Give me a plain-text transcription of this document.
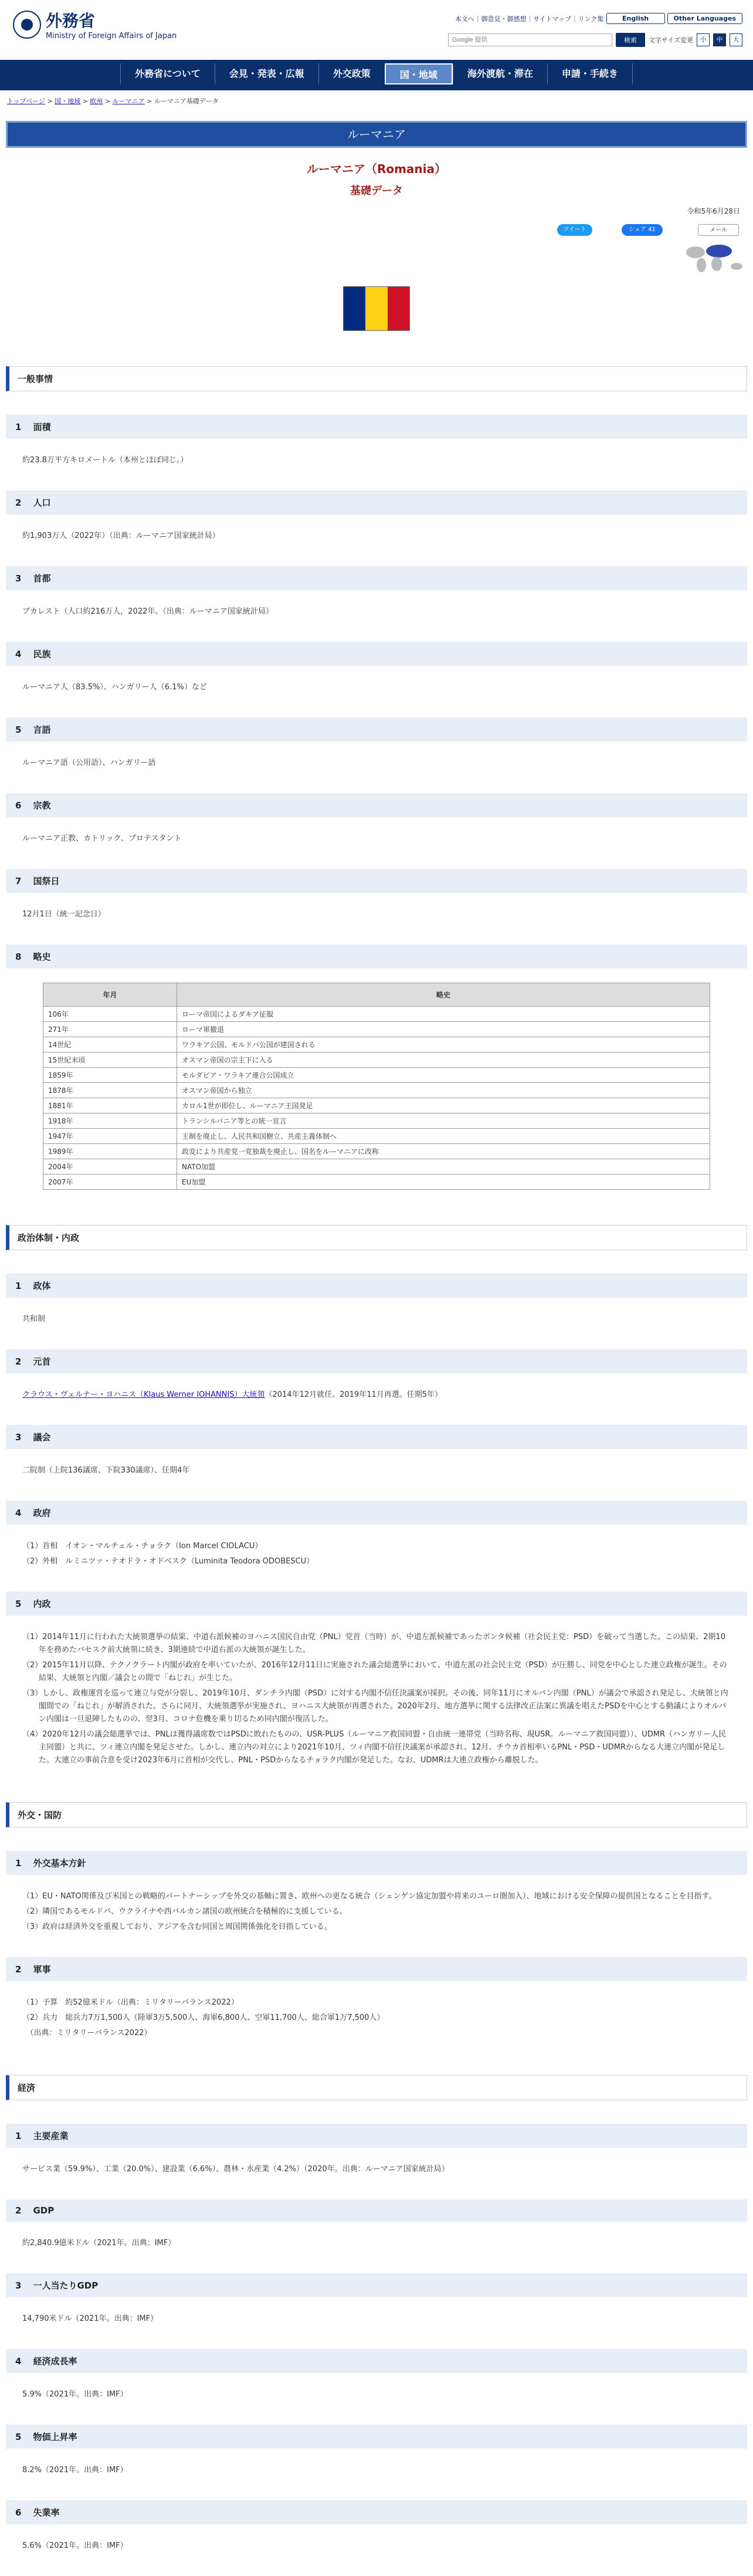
外務省
Ministry of Foreign Affairs of Japan
本文へ | 御意見・御感想 | サイトマップ | リンク集	English	Other Languages
Google 提供
検索	文字サイズ変更	小	中	大
外務省について	会見・発表・広報	外交政策	国・地域	海外渡航・滞在	申請・手続き
トップページ > 国・地域 > 欧州 > ルーマニア > ルーマニア基礎データ
ルーマニア
ルーマニア（Romania）
基礎データ
令和5年6月28日
ツイート	シェア 41	メール
一般事情
1 面積
約23.8万平方キロメートル（本州とほぼ同じ。）
2 人口
約1,903万人（2022年）（出典：ルーマニア国家統計局）
3 首都
ブカレスト（人口約216万人，2022年。（出典：ルーマニア国家統計局）
4 民族
ルーマニア人（83.5%）、ハンガリー人（6.1%）など
5 言語
ルーマニア語（公用語）、ハンガリー語
6 宗教
ルーマニア正教、カトリック、プロテスタント
7 国祭日
12月1日（統一記念日）
8 略史
年月	略史
106年	ローマ帝国によるダキア征服
271年	ローマ軍撤退
14世紀	ワラキア公国、モルドバ公国が建国される
15世紀末頃	オスマン帝国の宗主下に入る
1859年	モルダビア・ワラキア連合公国成立
1878年	オスマン帝国から独立
1881年	カロル1世が即位し、ルーマニア王国発足
1918年	トランシルバニア等との統一宣言
1947年	王制を廃止し、人民共和国樹立、共産主義体制へ
1989年	政変により共産党一党独裁を廃止し、国名をルーマニアに改称
2004年	NATO加盟
2007年	EU加盟
政治体制・内政
1 政体
共和制
2 元首
クラウス・ヴェルナー・ヨハニス（Klaus Werner IOHANNIS）大統領（2014年12月就任。2019年11月再選。任期5年）
3 議会
二院制（上院136議席、下院330議席）、任期4年
4 政府
（1）首相　イオン・マルチェル・チョラク（Ion Marcel CIOLACU）
（2）外相　ルミニツァ・テオドラ・オドベスク（Luminita Teodora ODOBESCU）
5 内政
（1）2014年11月に行われた大統領選挙の結果、中道右派候補のヨハニス国民自由党（PNL）党首（当時）が、中道左派候補であったポンタ候補（社会民主党：PSD）を破って当選した。この結果、2期10年を務めたバセスク前大統領に続き、3期連続で中道右派の大統領が誕生した。
（2）2015年11月以降、テクノクラート内閣が政府を率いていたが、2016年12月11日に実施された議会総選挙において、中道左派の社会民主党（PSD）が圧勝し、同党を中心とした連立政権が誕生。その結果、大統領と内閣／議会との間で「ねじれ」が生じた。
（3）しかし、政権運営を巡って連立与党が分裂し、2019年10月、ダンチラ内閣（PSD）に対する内閣不信任決議案が採択。その後、同年11月にオルバン内閣（PNL）が議会で承認され発足し、大統領と内閣間での「ねじれ」が解消された。さらに同月、大統領選挙が実施され、ヨハニス大統領が再選された。2020年2月、地方選挙に関する法律改正法案に異議を唱えたPSDを中心とする動議によりオルバン内閣は一旦退陣したものの、翌3月、コロナ危機を乗り切るため同内閣が復活した。
（4）2020年12月の議会総選挙では、PNLは獲得議席数ではPSDに敗れたものの、USR-PLUS（ルーマニア救国同盟・自由統一連帯党（当時名称、現USR。ルーマニア救国同盟））、UDMR（ハンガリー人民主同盟）と共に、ツィ連立内閣を発足させた。しかし、連立内の対立により2021年10月、ツィ内閣不信任決議案が承認され、12月、チウカ首相率いるPNL・PSD・UDMRからなる大連立内閣が発足した。大連立の事前合意を受け2023年6月に首相が交代し、PNL・PSDからなるチョラク内閣が発足した。なお、UDMRは大連立政権から離脱した。
外交・国防
1 外交基本方針
（1）EU・NATO関係及び米国との戦略的パートナーシップを外交の基軸に置き、欧州への更なる統合（シェンゲン協定加盟や将来のユーロ圏加入）、地域における安全保障の提供国となることを目指す。
（2）隣国であるモルドバ、ウクライナや西バルカン諸国の欧州統合を積極的に支援している。
（3）政府は経済外交を重視しており、アジアを含む同国と周国関係強化を目指している。
2 軍事
（1）予算　約52億米ドル（出典：ミリタリーバランス2022）
（2）兵力　総兵力7万1,500人（陸軍3万5,500人、海軍6,800人、空軍11,700人、総合軍1万7,500人）
　（出典：ミリタリーバランス2022）
経済
1 主要産業
サービス業（59.9%）、工業（20.0%）、建設業（6.6%）、農林・水産業（4.2%）（2020年。出典：ルーマニア国家統計局）
2 GDP
約2,840.9億米ドル（2021年。出典：IMF）
3 一人当たりGDP
14,790米ドル（2021年。出典：IMF）
4 経済成長率
5.9%（2021年。出典：IMF）
5 物価上昇率
8.2%（2021年。出典：IMF）
6 失業率
5.6%（2021年。出典：IMF）
